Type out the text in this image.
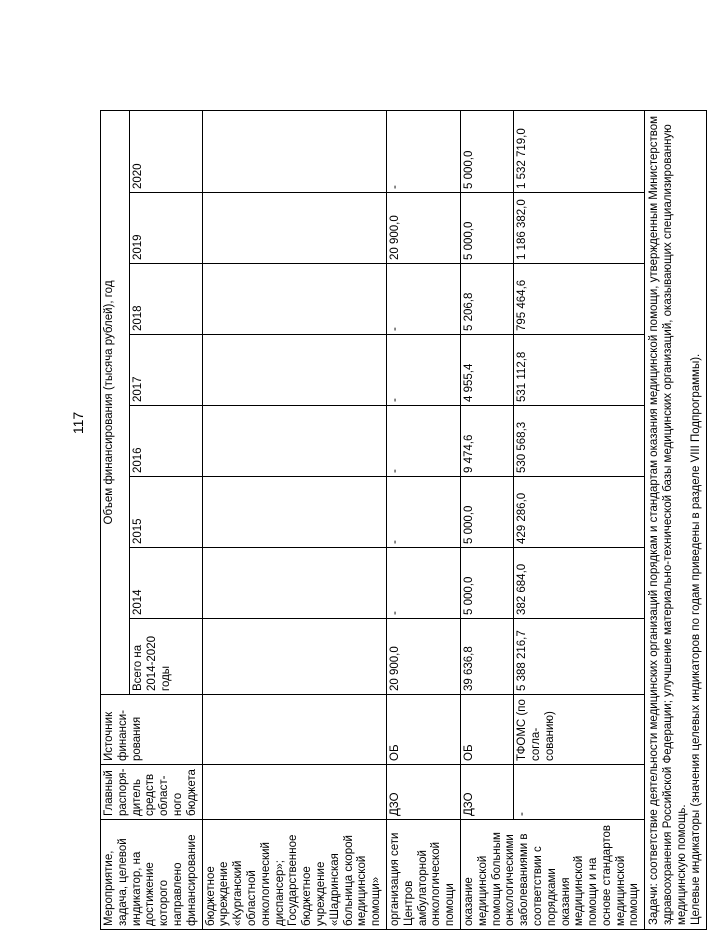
117
Мероприятие, задача, целевой индикатор, на достижение которого направлено финансирование	Главный распоря-дитель средств област-ного бюджета	Источник финанси-рования	Объем финансирования (тысяча рублей), год							
			Всего на 2014-2020 годы	2014	2015	2016	2017	2018	2019	2020
бюджетное учреждение «Курганский областной онкологический диспансер»; Государственное бюджетное учреждение «Шадринская больница скорой медицинской помощи»										
организация сети Центров амбулаторной онкологической помощи	ДЗО	ОБ	20 900,0	-	-	-	-	-	20 900,0	-
оказание медицинской помощи больным онкологическими заболеваниями в соответствии с порядками оказания медицинской помощи и на основе стандартов медицинской помощи	ДЗО	ОБ	39 636,8	5 000,0	5 000,0	9 474,6	4 955,4	5 206,8	5 000,0	5 000,0
	-	ТФОМС (по согла-сованию)	5 388 216,7	382 684,0	429 286,0	530 568,3	531 112,8	795 464,6	1 186 382,0	1 532 719,0

Задачи: соответствие деятельности медицинских организаций порядкам и стандартам оказания медицинской помощи, утвержденным Министерством здравоохранения Российской Федерации; улучшение материально-технической базы медицинских организаций, оказывающих специализированную медицинскую помощь. Целевые индикаторы (значения целевых индикаторов по годам приведены в разделе VIII Подпрограммы).										
